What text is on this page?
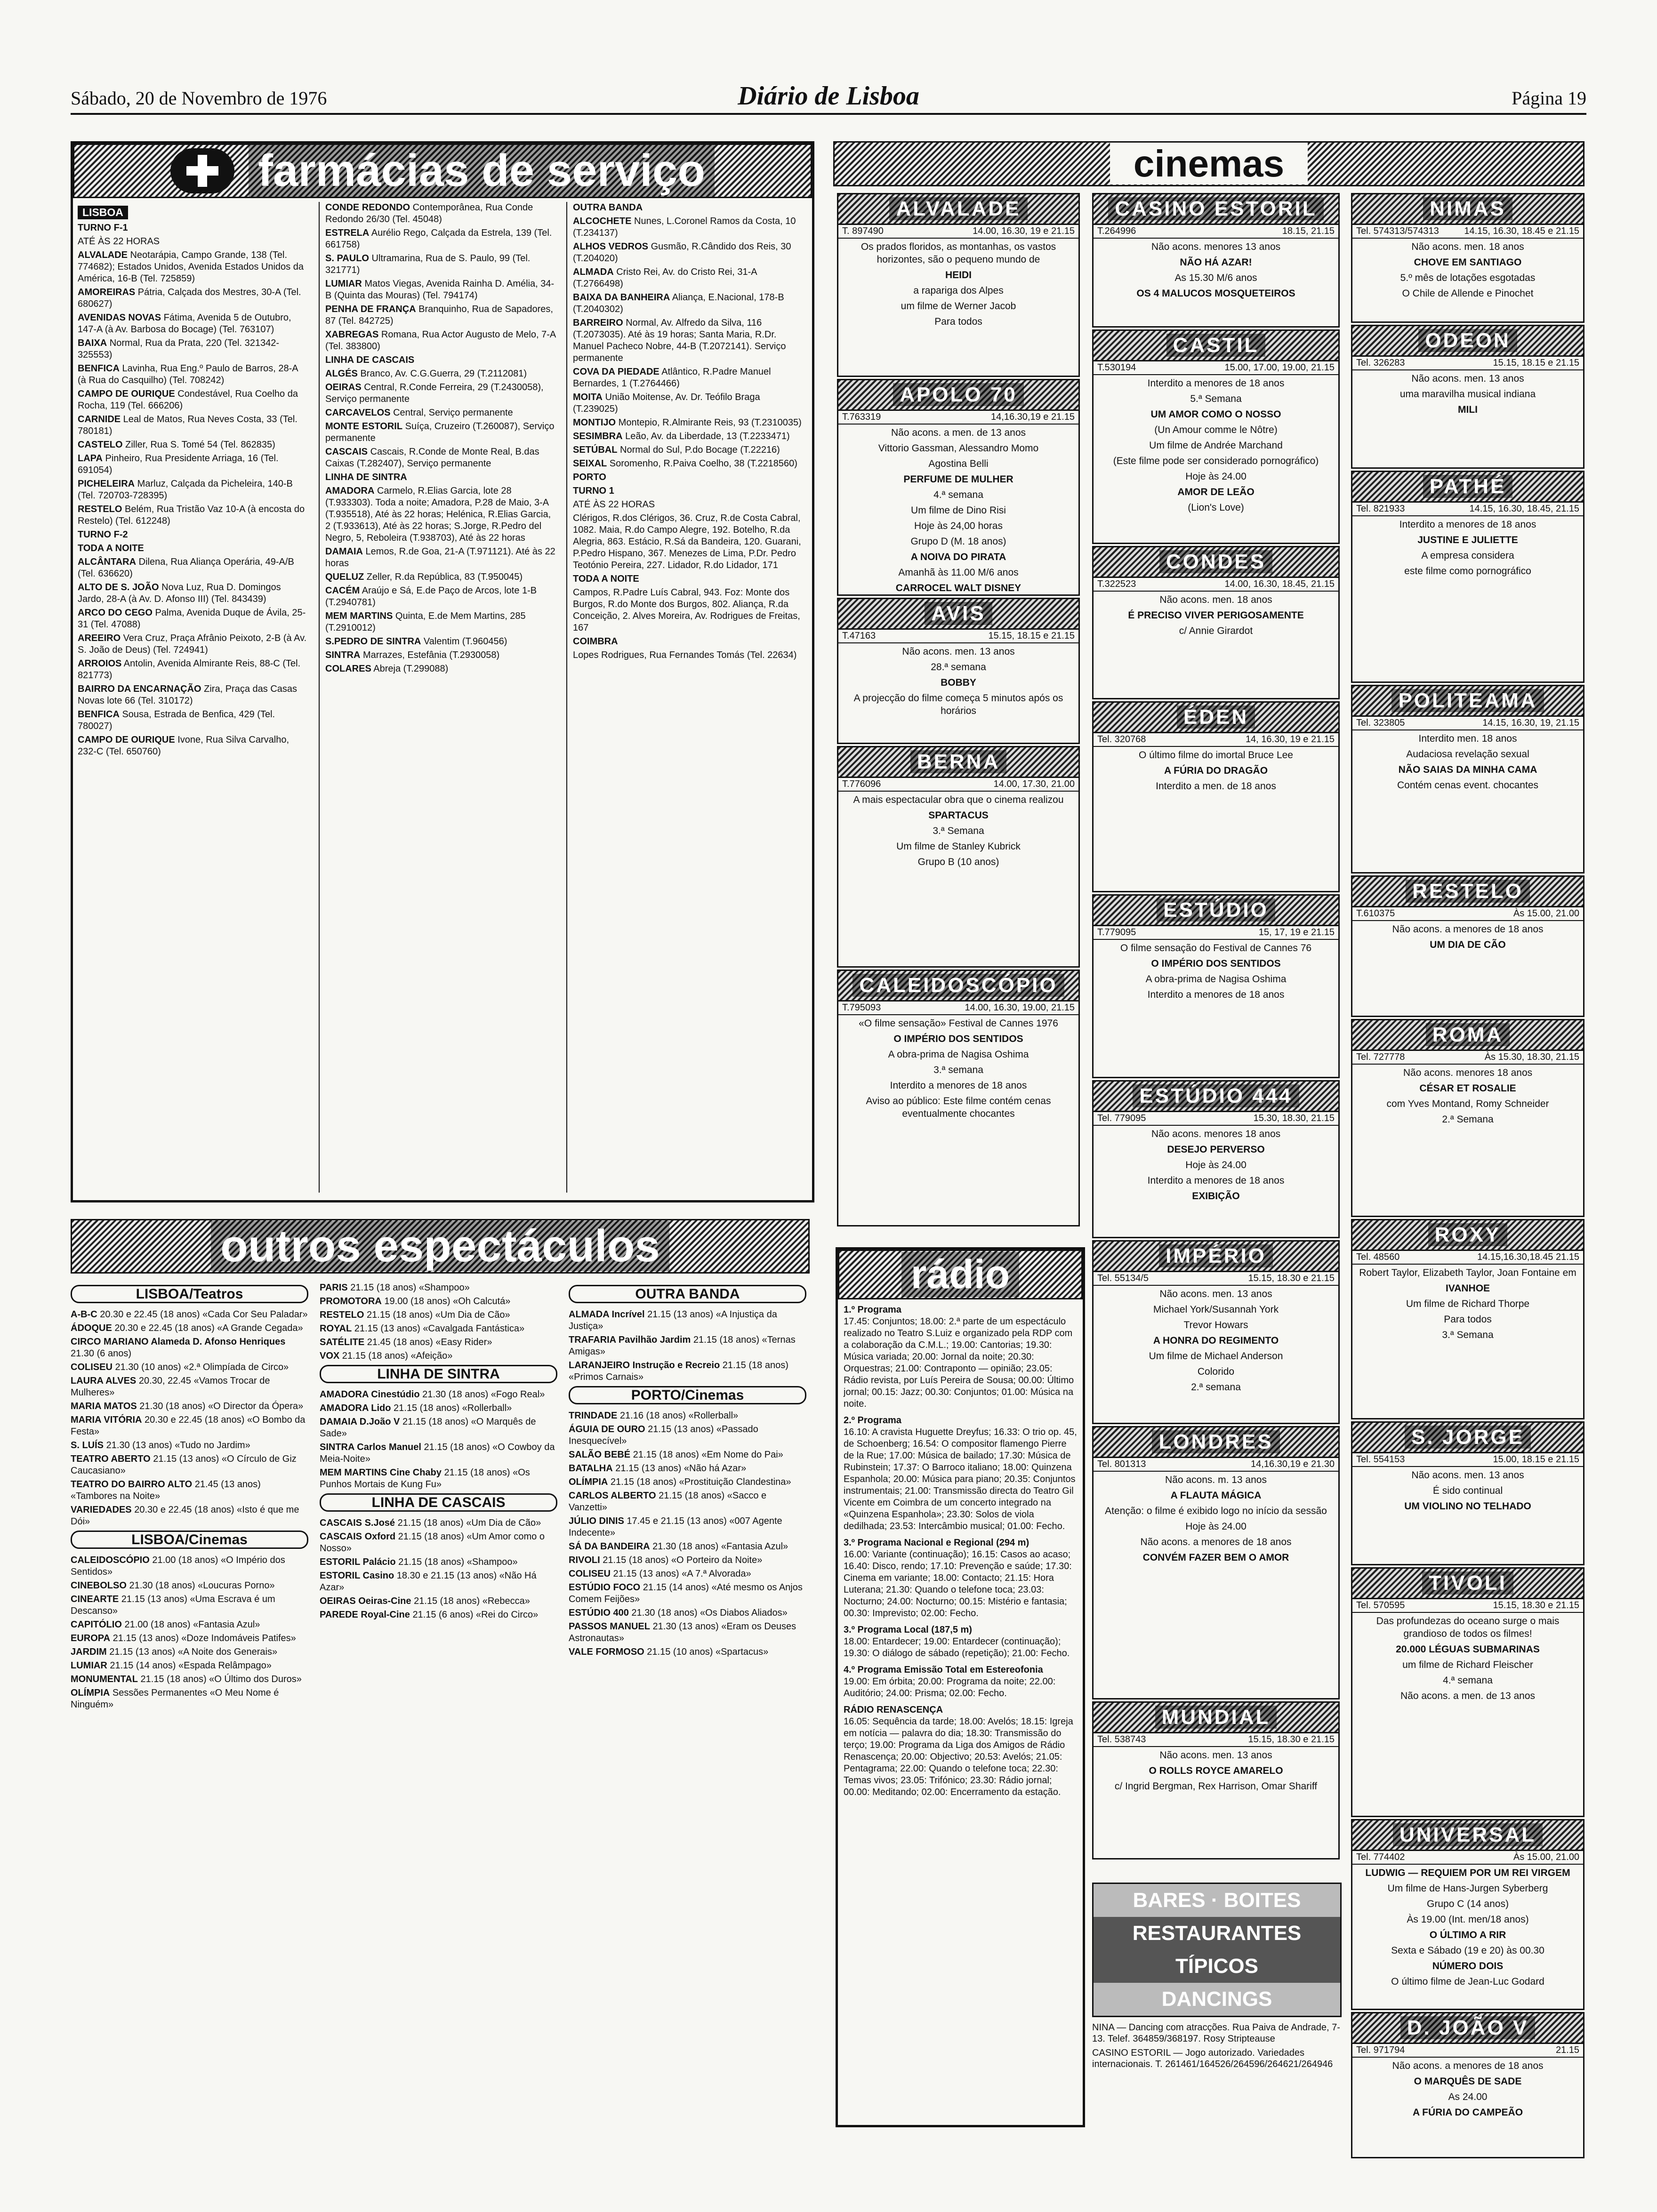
Sábado, 20 de Novembro de 1976	Diário de Lisboa	Página 19
farmácias de serviço
LISBOA

TURNO F-1

ATÉ ÀS 22 HORAS

ALVALADE Neotarápia, Campo Grande, 138 (Tel. 774682); Estados Unidos, Avenida Estados Unidos da América, 16-B (Tel. 725859)

AMOREIRAS Pátria, Calçada dos Mestres, 30-A (Tel. 680627)

AVENIDAS NOVAS Fátima, Avenida 5 de Outubro, 147-A (à Av. Barbosa do Bocage) (Tel. 763107)

BAIXA Normal, Rua da Prata, 220 (Tel. 321342-325553)

BENFICA Lavinha, Rua Eng.º Paulo de Barros, 28-A (à Rua do Casquilho) (Tel. 708242)

CAMPO DE OURIQUE Condestável, Rua Coelho da Rocha, 119 (Tel. 666206)

CARNIDE Leal de Matos, Rua Neves Costa, 33 (Tel. 780181)

CASTELO Ziller, Rua S. Tomé 54 (Tel. 862835)

LAPA Pinheiro, Rua Presidente Arriaga, 16 (Tel. 691054)

PICHELEIRA Marluz, Calçada da Picheleira, 140-B (Tel. 720703-728395)

RESTELO Belém, Rua Tristão Vaz 10-A (à encosta do Restelo) (Tel. 612248)

TURNO F-2

TODA A NOITE

ALCÂNTARA Dilena, Rua Aliança Operária, 49-A/B (Tel. 636620)

ALTO DE S. JOÃO Nova Luz, Rua D. Domingos Jardo, 28-A (à Av. D. Afonso III) (Tel. 843439)

ARCO DO CEGO Palma, Avenida Duque de Ávila, 25-31 (Tel. 47088)

AREEIRO Vera Cruz, Praça Afrânio Peixoto, 2-B (à Av. S. João de Deus) (Tel. 724941)

ARROIOS Antolin, Avenida Almirante Reis, 88-C (Tel. 821773)

BAIRRO DA ENCARNAÇÃO Zira, Praça das Casas Novas lote 66 (Tel. 310172)

BENFICA Sousa, Estrada de Benfica, 429 (Tel. 780027)

CAMPO DE OURIQUE Ivone, Rua Silva Carvalho, 232-C (Tel. 650760)

CONDE REDONDO Contemporânea, Rua Conde Redondo 26/30 (Tel. 45048)

ESTRELA Aurélio Rego, Calçada da Estrela, 139 (Tel. 661758)

S. PAULO Ultramarina, Rua de S. Paulo, 99 (Tel. 321771)

LUMIAR Matos Viegas, Avenida Rainha D. Amélia, 34-B (Quinta das Mouras) (Tel. 794174)

PENHA DE FRANÇA Branquinho, Rua de Sapadores, 87 (Tel. 842725)

XABREGAS Romana, Rua Actor Augusto de Melo, 7-A (Tel. 383800)

LINHA DE CASCAIS

ALGÉS Branco, Av. C.G.Guerra, 29 (T.2112081)

OEIRAS Central, R.Conde Ferreira, 29 (T.2430058), Serviço permanente

CARCAVELOS Central, Serviço permanente

MONTE ESTORIL Suíça, Cruzeiro (T.260087), Serviço permanente

CASCAIS Cascais, R.Conde de Monte Real, B.das Caixas (T.282407), Serviço permanente

LINHA DE SINTRA

AMADORA Carmelo, R.Elias Garcia, lote 28 (T.933303). Toda a noite; Amadora, P.28 de Maio, 3-A (T.935518), Até às 22 horas; Helénica, R.Elias Garcia, 2 (T.933613), Até às 22 horas; S.Jorge, R.Pedro del Negro, 5, Reboleira (T.938703), Até às 22 horas

DAMAIA Lemos, R.de Goa, 21-A (T.971121). Até às 22 horas

QUELUZ Zeller, R.da República, 83 (T.950045)

CACÉM Araújo e Sá, E.de Paço de Arcos, lote 1-B (T.2940781)

MEM MARTINS Quinta, E.de Mem Martins, 285 (T.2910012)

S.PEDRO DE SINTRA Valentim (T.960456)

SINTRA Marrazes, Estefânia (T.2930058)

COLARES Abreja (T.299088)

OUTRA BANDA

ALCOCHETE Nunes, L.Coronel Ramos da Costa, 10 (T.234137)

ALHOS VEDROS Gusmão, R.Cândido dos Reis, 30 (T.204020)

ALMADA Cristo Rei, Av. do Cristo Rei, 31-A (T.2766498)

BAIXA DA BANHEIRA Aliança, E.Nacional, 178-B (T.2040302)

BARREIRO Normal, Av. Alfredo da Silva, 116 (T.2073035). Até às 19 horas; Santa Maria, R.Dr. Manuel Pacheco Nobre, 44-B (T.2072141). Serviço permanente

COVA DA PIEDADE Atlântico, R.Padre Manuel Bernardes, 1 (T.2764466)

MOITA União Moitense, Av. Dr. Teófilo Braga (T.239025)

MONTIJO Montepio, R.Almirante Reis, 93 (T.2310035)

SESIMBRA Leão, Av. da Liberdade, 13 (T.2233471)

SETÚBAL Normal do Sul, P.do Bocage (T.22216)

SEIXAL Soromenho, R.Paiva Coelho, 38 (T.2218560)

PORTO

TURNO 1

ATÉ ÀS 22 HORAS

Clérigos, R.dos Clérigos, 36. Cruz, R.de Costa Cabral, 1082. Maia, R.do Campo Alegre, 192. Botelho, R.da Alegria, 863. Estácio, R.Sá da Bandeira, 120. Guarani, P.Pedro Hispano, 367. Menezes de Lima, P.Dr. Pedro Teotónio Pereira, 227. Lidador, R.do Lidador, 171

TODA A NOITE

Campos, R.Padre Luís Cabral, 943. Foz: Monte dos Burgos, R.do Monte dos Burgos, 802. Aliança, R.da Conceição, 2. Alves Moreira, Av. Rodrigues de Freitas, 167

COIMBRA

Lopes Rodrigues, Rua Fernandes Tomás (Tel. 22634)

outros espectáculos
LISBOA/Teatros

A-B-C 20.30 e 22.45 (18 anos) «Cada Cor Seu Paladar»

ÁDOQUE 20.30 e 22.45 (18 anos) «A Grande Cegada»

CIRCO MARIANO Alameda D. Afonso Henriques 21.30 (6 anos)

COLISEU 21.30 (10 anos) «2.ª Olimpíada de Circo»

LAURA ALVES 20.30, 22.45 «Vamos Trocar de Mulheres»

MARIA MATOS 21.30 (18 anos) «O Director da Ópera»

MARIA VITÓRIA 20.30 e 22.45 (18 anos) «O Bombo da Festa»

S. LUÍS 21.30 (13 anos) «Tudo no Jardim»

TEATRO ABERTO 21.15 (13 anos) «O Círculo de Giz Caucasiano»

TEATRO DO BAIRRO ALTO 21.45 (13 anos) «Tambores na Noite»

VARIEDADES 20.30 e 22.45 (18 anos) «Isto é que me Dói»

LISBOA/Cinemas

CALEIDOSCÓPIO 21.00 (18 anos) «O Império dos Sentidos»

CINEBOLSO 21.30 (18 anos) «Loucuras Porno»

CINEARTE 21.15 (13 anos) «Uma Escrava é um Descanso»

CAPITÓLIO 21.00 (18 anos) «Fantasia Azul»

EUROPA 21.15 (13 anos) «Doze Indomáveis Patifes»

JARDIM 21.15 (13 anos) «A Noite dos Generais»

LUMIAR 21.15 (14 anos) «Espada Relâmpago»

MONUMENTAL 21.15 (18 anos) «O Último dos Duros»

OLÍMPIA Sessões Permanentes «O Meu Nome é Ninguém»

PARIS 21.15 (18 anos) «Shampoo»

PROMOTORA 19.00 (18 anos) «Oh Calcutá»

RESTELO 21.15 (18 anos) «Um Dia de Cão»

ROYAL 21.15 (13 anos) «Cavalgada Fantástica»

SATÉLITE 21.45 (18 anos) «Easy Rider»

VOX 21.15 (18 anos) «Afeição»

LINHA DE SINTRA

AMADORA Cinestúdio 21.30 (18 anos) «Fogo Real»

AMADORA Lido 21.15 (18 anos) «Rollerball»

DAMAIA D.João V 21.15 (18 anos) «O Marquês de Sade»

SINTRA Carlos Manuel 21.15 (18 anos) «O Cowboy da Meia-Noite»

MEM MARTINS Cine Chaby 21.15 (18 anos) «Os Punhos Mortais de Kung Fu»

LINHA DE CASCAIS

CASCAIS S.José 21.15 (18 anos) «Um Dia de Cão»

CASCAIS Oxford 21.15 (18 anos) «Um Amor como o Nosso»

ESTORIL Palácio 21.15 (18 anos) «Shampoo»

ESTORIL Casino 18.30 e 21.15 (13 anos) «Não Há Azar»

OEIRAS Oeiras-Cine 21.15 (18 anos) «Rebecca»

PAREDE Royal-Cine 21.15 (6 anos) «Rei do Circo»

OUTRA BANDA

ALMADA Incrível 21.15 (13 anos) «A Injustiça da Justiça»

TRAFARIA Pavilhão Jardim 21.15 (18 anos) «Ternas Amigas»

LARANJEIRO Instrução e Recreio 21.15 (18 anos) «Primos Carnais»

PORTO/Cinemas

TRINDADE 21.16 (18 anos) «Rollerball»

ÁGUIA DE OURO 21.15 (13 anos) «Passado Inesquecível»

SALÃO BEBÉ 21.15 (18 anos) «Em Nome do Pai»

BATALHA 21.15 (13 anos) «Não há Azar»

OLÍMPIA 21.15 (18 anos) «Prostituição Clandestina»

CARLOS ALBERTO 21.15 (18 anos) «Sacco e Vanzetti»

JÚLIO DINIS 17.45 e 21.15 (13 anos) «007 Agente Indecente»

SÁ DA BANDEIRA 21.30 (18 anos) «Fantasia Azul»

RIVOLI 21.15 (18 anos) «O Porteiro da Noite»

COLISEU 21.15 (13 anos) «A 7.ª Alvorada»

ESTÚDIO FOCO 21.15 (14 anos) «Até mesmo os Anjos Comem Feijões»

ESTÚDIO 400 21.30 (18 anos) «Os Diabos Aliados»

PASSOS MANUEL 21.30 (13 anos) «Eram os Deuses Astronautas»

VALE FORMOSO 21.15 (10 anos) «Spartacus»

cinemas
ALVALADE
T. 897490	14.00, 16.30, 19 e 21.15
Os prados floridos, as montanhas, os vastos horizontes, são o pequeno mundo de
HEIDI
a rapariga dos Alpes
um filme de Werner Jacob
Para todos
APOLO 70
T.763319	14,16.30,19 e 21.15
Não acons. a men. de 13 anos
Vittorio Gassman, Alessandro Momo
Agostina Belli
PERFUME DE MULHER
4.ª semana
Um filme de Dino Risi
Hoje às 24,00 horas
Grupo D (M. 18 anos)
A NOIVA DO PIRATA
Amanhã às 11.00 M/6 anos
CARROCEL WALT DISNEY
AVIS
T.47163	15.15, 18.15 e 21.15
Não acons. men. 13 anos
28.ª semana
BOBBY
A projecção do filme começa 5 minutos após os horários
BERNA
T.776096	14.00, 17.30, 21.00
A mais espectacular obra que o cinema realizou
SPARTACUS
3.ª Semana
Um filme de Stanley Kubrick
Grupo B (10 anos)
CALEIDOSCÓPIO
T.795093	14.00, 16.30, 19.00, 21.15
«O filme sensação» Festival de Cannes 1976
O IMPÉRIO DOS SENTIDOS
A obra-prima de Nagisa Oshima
3.ª semana
Interdito a menores de 18 anos
Aviso ao público: Este filme contém cenas eventualmente chocantes
CASINO ESTORIL
T.264996	18.15, 21.15
Não acons. menores 13 anos
NÃO HÁ AZAR!
As 15.30 M/6 anos
OS 4 MALUCOS MOSQUETEIROS
CASTIL
T.530194	15.00, 17.00, 19.00, 21.15
Interdito a menores de 18 anos
5.ª Semana
UM AMOR COMO O NOSSO
(Un Amour comme le Nôtre)
Um filme de Andrée Marchand
(Este filme pode ser considerado pornográfico)
Hoje às 24.00
AMOR DE LEÃO
(Lion's Love)
CONDES
T.322523	14.00, 16.30, 18.45, 21.15
Não acons. men. 18 anos
É PRECISO VIVER PERIGOSAMENTE
c/ Annie Girardot
ÉDEN
Tel. 320768	14, 16.30, 19 e 21.15
O último filme do imortal Bruce Lee
A FÚRIA DO DRAGÃO
Interdito a men. de 18 anos
ESTÚDIO
T.779095	15, 17, 19 e 21.15
O filme sensação do Festival de Cannes 76
O IMPÉRIO DOS SENTIDOS
A obra-prima de Nagisa Oshima
Interdito a menores de 18 anos
ESTÚDIO 444
Tel. 779095	15.30, 18.30, 21.15
Não acons. menores 18 anos
DESEJO PERVERSO
Hoje às 24.00
Interdito a menores de 18 anos
EXIBIÇÃO
IMPÉRIO
Tel. 55134/5	15.15, 18.30 e 21.15
Não acons. men. 13 anos
Michael York/Susannah York
Trevor Howars
A HONRA DO REGIMENTO
Um filme de Michael Anderson
Colorido
2.ª semana
LONDRES
Tel. 801313	14,16.30,19 e 21.30
Não acons. m. 13 anos
A FLAUTA MÁGICA
Atenção: o filme é exibido logo no início da sessão
Hoje às 24.00
Não acons. a menores de 18 anos
CONVÉM FAZER BEM O AMOR
MUNDIAL
Tel. 538743	15.15, 18.30 e 21.15
Não acons. men. 13 anos
O ROLLS ROYCE AMARELO
c/ Ingrid Bergman, Rex Harrison, Omar Shariff
NIMAS
Tel. 574313/574313	14.15, 16.30, 18.45 e 21.15
Não acons. men. 18 anos
CHOVE EM SANTIAGO
5.º mês de lotações esgotadas
O Chile de Allende e Pinochet
ODEON
Tel. 326283	15.15, 18.15 e 21.15
Não acons. men. 13 anos
uma maravilha musical indiana
MILI
PATHÉ
Tel. 821933	14.15, 16.30, 18.45, 21.15
Interdito a menores de 18 anos
JUSTINE E JULIETTE
A empresa considera
este filme como pornográfico
POLITEAMA
Tel. 323805	14.15, 16.30, 19, 21.15
Interdito men. 18 anos
Audaciosa revelação sexual
NÃO SAIAS DA MINHA CAMA
Contém cenas event. chocantes
RESTELO
T.610375	Às 15.00, 21.00
Não acons. a menores de 18 anos
UM DIA DE CÃO
ROMA
Tel. 727778	Às 15.30, 18.30, 21.15
Não acons. menores 18 anos
CÉSAR ET ROSALIE
com Yves Montand, Romy Schneider
2.ª Semana
ROXY
Tel. 48560	14.15,16.30,18.45 21.15
Robert Taylor, Elizabeth Taylor, Joan Fontaine em
IVANHOE
Um filme de Richard Thorpe
Para todos
3.ª Semana
S. JORGE
Tel. 554153	15.00, 18.15 e 21.15
Não acons. men. 13 anos
É sido continual
UM VIOLINO NO TELHADO
TIVOLI
Tel. 570595	15.15, 18.30 e 21.15
Das profundezas do oceano surge o mais grandioso de todos os filmes!
20.000 LÉGUAS SUBMARINAS
um filme de Richard Fleischer
4.ª semana
Não acons. a men. de 13 anos
UNIVERSAL
Tel. 774402	Às 15.00, 21.00
LUDWIG — REQUIEM POR UM REI VIRGEM
Um filme de Hans-Jurgen Syberberg
Grupo C (14 anos)
Às 19.00 (Int. men/18 anos)
O ÚLTIMO A RIR
Sexta e Sábado (19 e 20) às 00.30
NÚMERO DOIS
O último filme de Jean-Luc Godard
D. JOÃO V
Tel. 971794	21.15
Não acons. a menores de 18 anos
O MARQUÊS DE SADE
As 24.00
A FÚRIA DO CAMPEÃO
rádio
1.º Programa

17.45: Conjuntos; 18.00: 2.ª parte de um espectáculo realizado no Teatro S.Luiz e organizado pela RDP com a colaboração da C.M.L.; 19.00: Cantorias; 19.30: Música variada; 20.00: Jornal da noite; 20.30: Orquestras; 21.00: Contraponto — opinião; 23.05: Rádio revista, por Luís Pereira de Sousa; 00.00: Último jornal; 00.15: Jazz; 00.30: Conjuntos; 01.00: Música na noite.

2.º Programa

16.10: A cravista Huguette Dreyfus; 16.33: O trio op. 45, de Schoenberg; 16.54: O compositor flamengo Pierre de la Rue; 17.00: Música de bailado; 17.30: Música de Rubinstein; 17.37: O Barroco italiano; 18.00: Quinzena Espanhola; 20.00: Música para piano; 20.35: Conjuntos instrumentais; 21.00: Transmissão directa do Teatro Gil Vicente em Coimbra de um concerto integrado na «Quinzena Espanhola»; 23.30: Solos de viola dedilhada; 23.53: Intercâmbio musical; 01.00: Fecho.

3.º Programa Nacional e Regional (294 m)

16.00: Variante (continuação); 16.15: Casos ao acaso; 16.40: Disco, rendo; 17.10: Prevenção e saúde; 17.30: Cinema em variante; 18.00: Contacto; 21.15: Hora Luterana; 21.30: Quando o telefone toca; 23.03: Nocturno; 24.00: Nocturno; 00.15: Mistério e fantasia; 00.30: Imprevisto; 02.00: Fecho.

3.º Programa Local (187,5 m)

18.00: Entardecer; 19.00: Entardecer (continuação); 19.30: O diálogo de sábado (repetição); 21.00: Fecho.

4.º Programa Emissão Total em Estereofonia

19.00: Em órbita; 20.00: Programa da noite; 22.00: Auditório; 24.00: Prisma; 02.00: Fecho.

RÁDIO RENASCENÇA

16.05: Sequência da tarde; 18.00: Avelós; 18.15: Igreja em notícia — palavra do dia; 18.30: Transmissão do terço; 19.00: Programa da Liga dos Amigos de Rádio Renascença; 20.00: Objectivo; 20.53: Avelós; 21.05: Pentagrama; 22.00: Quando o telefone toca; 22.30: Temas vivos; 23.05: Trifónico; 23.30: Rádio jornal; 00.00: Meditando; 02.00: Encerramento da estação.

BARES · BOITES
RESTAURANTES
TÍPICOS
DANCINGS
NINA — Dancing com atracções. Rua Paiva de Andrade, 7-13. Telef. 364859/368197. Rosy Stripteause
CASINO ESTORIL — Jogo autorizado. Variedades internacionais. T. 261461/164526/264596/264621/264946
